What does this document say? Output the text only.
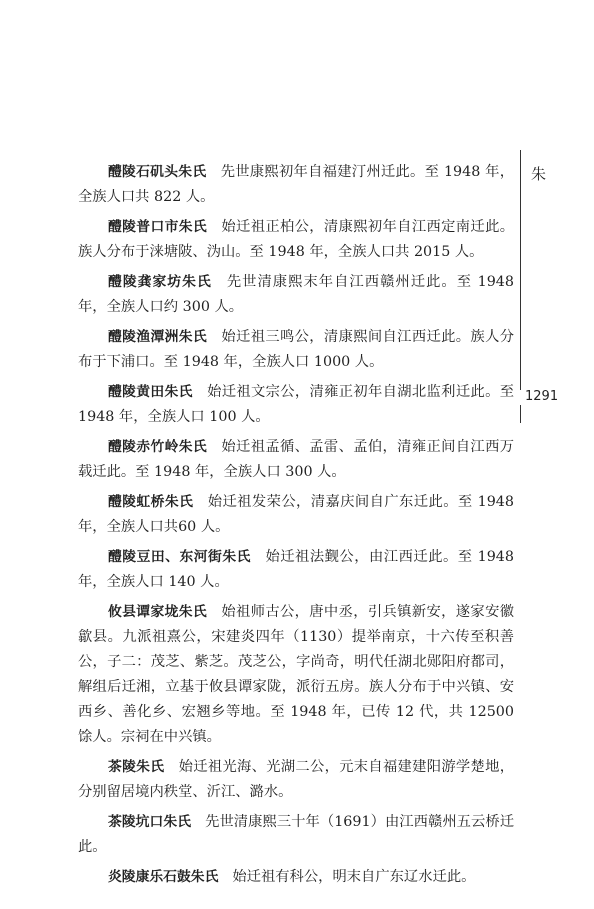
朱
1291

醴陵石矶头朱氏 先世康熙初年自福建汀州迁此。至 1948 年，全族人口共 822 人。

醴陵普口市朱氏 始迁祖正柏公，清康熙初年自江西定南迁此。族人分布于涞塘陂、沩山。至 1948 年，全族人口共 2015 人。

醴陵龚家坊朱氏 先世清康熙末年自江西赣州迁此。至 1948 年，全族人口约 300 人。

醴陵渔潭洲朱氏 始迁祖三鸣公，清康熙间自江西迁此。族人分布于下浦口。至 1948 年，全族人口 1000 人。

醴陵黄田朱氏 始迁祖文宗公，清雍正初年自湖北监利迁此。至 1948 年，全族人口 100 人。

醴陵赤竹岭朱氏 始迁祖孟循、孟雷、孟伯，清雍正间自江西万载迁此。至 1948 年，全族人口 300 人。

醴陵虹桥朱氏 始迁祖发荣公，清嘉庆间自广东迁此。至 1948 年，全族人口共60 人。

醴陵豆田、东河街朱氏 始迁祖法觐公，由江西迁此。至 1948 年，全族人口 140 人。

攸县谭家垅朱氏 始祖师古公，唐中丞，引兵镇新安，遂家安徽歙县。九派祖熹公，宋建炎四年（1130）提举南京，十六传至积善公，子二：茂芝、紫芝。茂芝公，字尚奇，明代任湖北郧阳府都司，解组后迁湘，立基于攸县谭家陇，派衍五房。族人分布于中兴镇、安西乡、善化乡、宏翘乡等地。至 1948 年，已传 12 代，共 12500 馀人。宗祠在中兴镇。

茶陵朱氏 始迁祖光海、光湖二公，元末自福建建阳游学楚地，分别留居境内秩堂、沂江、潞水。

茶陵坑口朱氏 先世清康熙三十年（1691）由江西赣州五云桥迁此。

炎陵康乐石鼓朱氏 始迁祖有科公，明末自广东辽水迁此。
